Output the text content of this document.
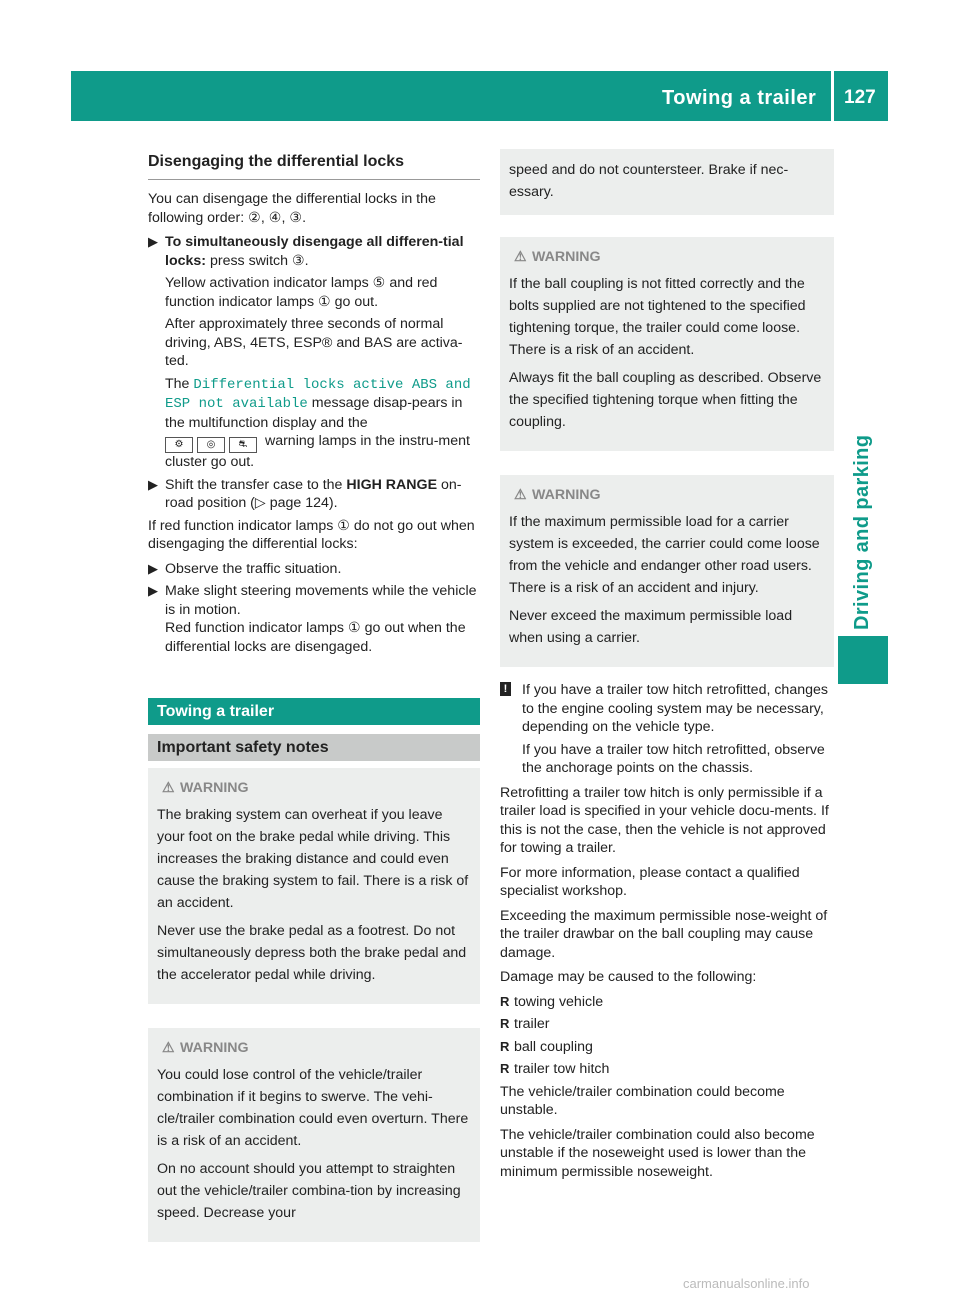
Towing a trailer 127
Driving and parking
Disengaging the differential locks

You can disengage the differential locks in the following order: ②, ④, ③.

▶ To simultaneously disengage all differen-tial locks: press switch ③.
Yellow activation indicator lamps ⑤ and red function indicator lamps ① go out.
After approximately three seconds of normal driving, ABS, 4ETS, ESP® and BAS are activa-ted.
The Differential locks active ABS and ESP not available message disap-pears in the multifunction display and the
⚙ ◎ ⛐ warning lamps in the instru-ment cluster go out.
▶ Shift the transfer case to the HIGH RANGE on-road position (▷ page 124).

If red function indicator lamps ① do not go out when disengaging the differential locks:

▶ Observe the traffic situation.
▶ Make slight steering movements while the vehicle is in motion.
Red function indicator lamps ① go out when the differential locks are disengaged.
Towing a trailer
Important safety notes
⚠ WARNING

The braking system can overheat if you leave your foot on the brake pedal while driving. This increases the braking distance and could even cause the braking system to fail. There is a risk of an accident.

Never use the brake pedal as a footrest. Do not simultaneously depress both the brake pedal and the accelerator pedal while driving.

⚠ WARNING

You could lose control of the vehicle/trailer combination if it begins to swerve. The vehi-cle/trailer combination could even overturn. There is a risk of an accident.

On no account should you attempt to straighten out the vehicle/trailer combina-tion by increasing speed. Decrease your

speed and do not countersteer. Brake if nec-essary.

⚠ WARNING

If the ball coupling is not fitted correctly and the bolts supplied are not tightened to the specified tightening torque, the trailer could come loose. There is a risk of an accident.

Always fit the ball coupling as described. Observe the specified tightening torque when fitting the coupling.

⚠ WARNING

If the maximum permissible load for a carrier system is exceeded, the carrier could come loose from the vehicle and endanger other road users. There is a risk of an accident and injury.

Never exceed the maximum permissible load when using a carrier.

! If you have a trailer tow hitch retrofitted, changes to the engine cooling system may be necessary, depending on the vehicle type.
If you have a trailer tow hitch retrofitted, observe the anchorage points on the chassis.

Retrofitting a trailer tow hitch is only permissible if a trailer load is specified in your vehicle docu-ments. If this is not the case, then the vehicle is not approved for towing a trailer.

For more information, please contact a qualified specialist workshop.

Exceeding the maximum permissible nose-weight of the trailer drawbar on the ball coupling may cause damage.

Damage may be caused to the following:

R towing vehicle
R trailer
R ball coupling
R trailer tow hitch

The vehicle/trailer combination could become unstable.

The vehicle/trailer combination could also become unstable if the noseweight used is lower than the minimum permissible noseweight.

carmanualsonline.info
